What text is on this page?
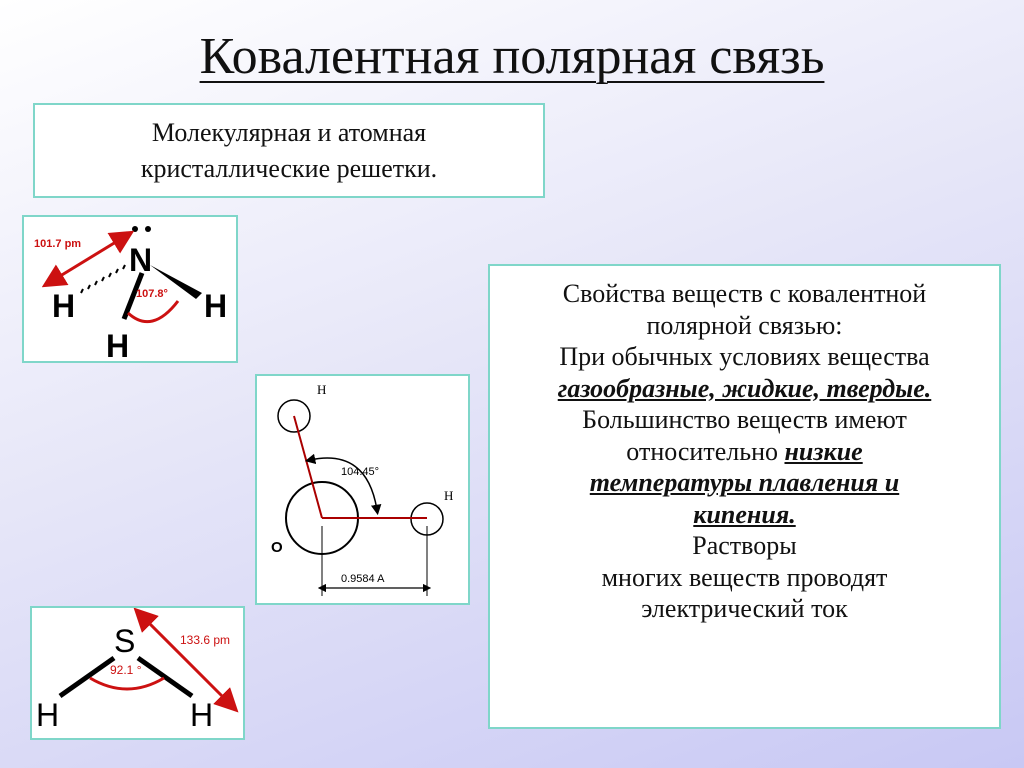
Ковалентная полярная связь
Молекулярная и атомная
кристаллические решетки.
N
H	H
H
101.7 pm
107.8°
H
H
O
104.45°
0.9584 A
S
H	H
92.1 °
133.6 pm
Свойства веществ с ковалентной
полярной связью:
При обычных условиях вещества
газообразные, жидкие, твердые.
Большинство веществ имеют
относительно низкие
температуры плавления и
кипения.
Растворы
многих веществ проводят
электрический ток
